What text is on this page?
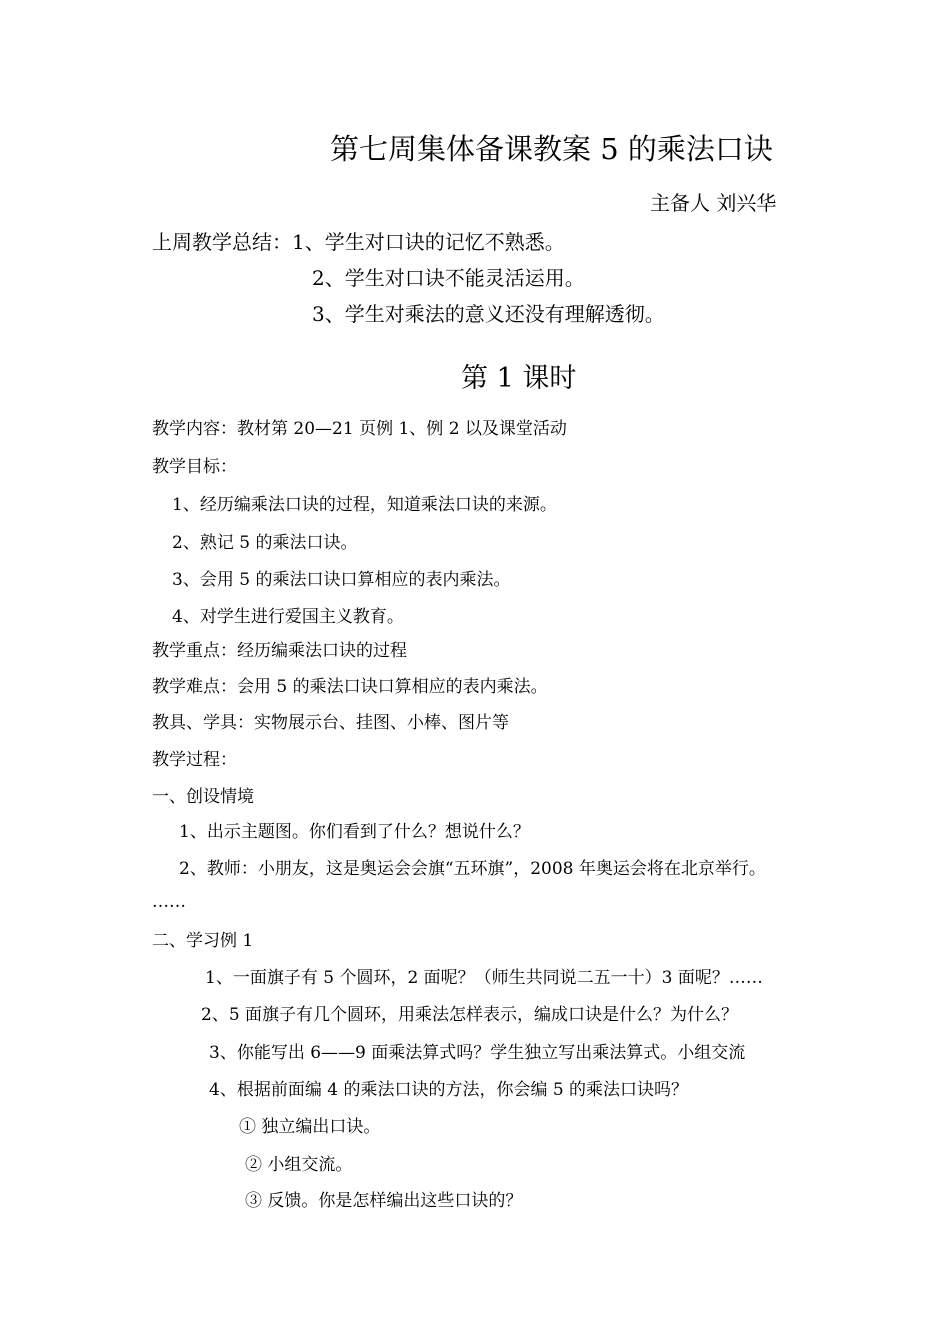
第七周集体备课教案 5 的乘法口诀
主备人 刘兴华
上周教学总结：1、学生对口诀的记忆不熟悉。
2、学生对口诀不能灵活运用。
3、学生对乘法的意义还没有理解透彻。
第 1 课时
教学内容：教材第 20—21 页例 1、例 2 以及课堂活动
教学目标：
1、经历编乘法口诀的过程，知道乘法口诀的来源。
2、熟记 5 的乘法口诀。
3、会用 5 的乘法口诀口算相应的表内乘法。
4、对学生进行爱国主义教育。
教学重点：经历编乘法口诀的过程
教学难点：会用 5 的乘法口诀口算相应的表内乘法。
教具、学具：实物展示台、挂图、小棒、图片等
教学过程：
一、创设情境
1、出示主题图。你们看到了什么？想说什么？
2、教师：小朋友，这是奥运会会旗“五环旗”，2008 年奥运会将在北京举行。
……
二、学习例 1
1、一面旗子有 5 个圆环，2 面呢？（师生共同说二五一十）3 面呢？……
2、5 面旗子有几个圆环，用乘法怎样表示，编成口诀是什么？为什么？
3、你能写出 6——9 面乘法算式吗？学生独立写出乘法算式。小组交流
4、根据前面编 4 的乘法口诀的方法，你会编 5 的乘法口诀吗？
① 独立编出口诀。
② 小组交流。
③ 反馈。你是怎样编出这些口诀的？
